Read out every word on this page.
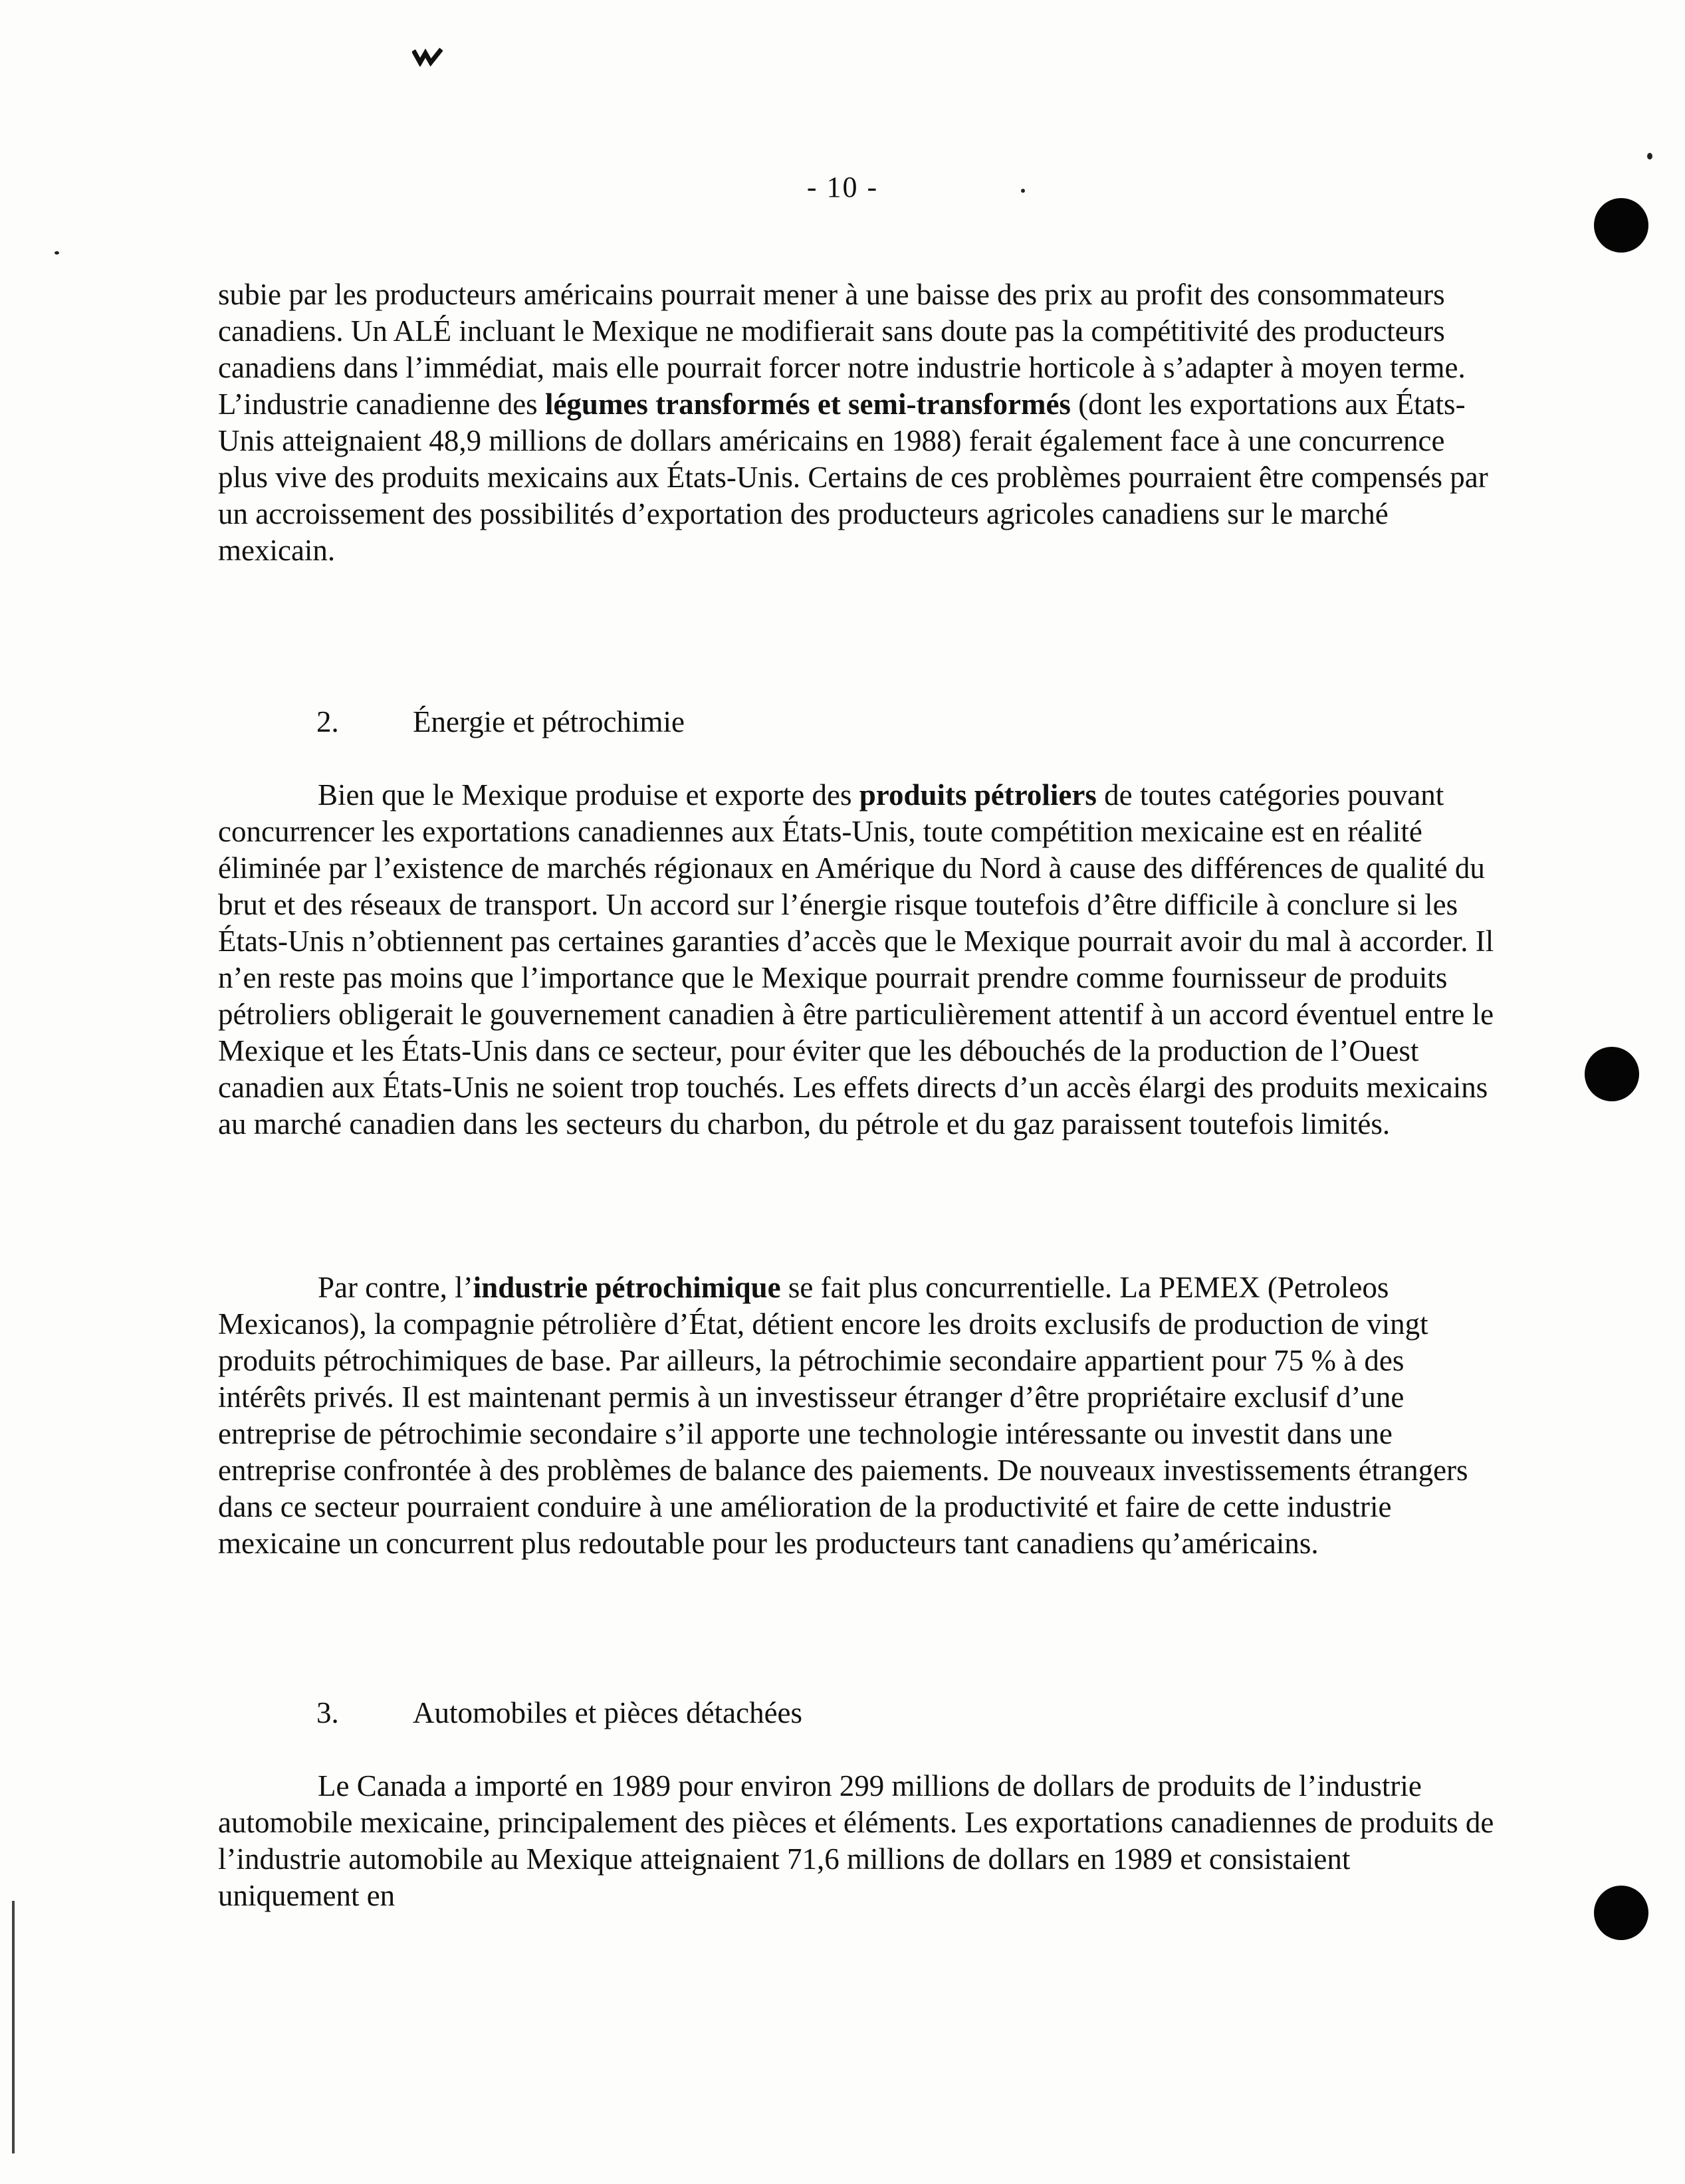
- 10 -

subie par les producteurs américains pourrait mener à une baisse des prix au profit des consommateurs canadiens. Un ALÉ incluant le Mexique ne modifierait sans doute pas la compétitivité des producteurs canadiens dans l’immédiat, mais elle pourrait forcer notre industrie horticole à s’adapter à moyen terme. L’industrie canadienne des légumes transformés et semi-transformés (dont les exportations aux États-Unis atteignaient 48,9 millions de dollars américains en 1988) ferait également face à une concurrence plus vive des produits mexicains aux États-Unis. Certains de ces problèmes pourraient être compensés par un accroissement des possibilités d’exportation des producteurs agricoles canadiens sur le marché mexicain.

2. Énergie et pétrochimie

Bien que le Mexique produise et exporte des produits pétroliers de toutes catégories pouvant concurrencer les exportations canadiennes aux États-Unis, toute compétition mexicaine est en réalité éliminée par l’existence de marchés régionaux en Amérique du Nord à cause des différences de qualité du brut et des réseaux de transport. Un accord sur l’énergie risque toutefois d’être difficile à conclure si les États-Unis n’obtiennent pas certaines garanties d’accès que le Mexique pourrait avoir du mal à accorder. Il n’en reste pas moins que l’importance que le Mexique pourrait prendre comme fournisseur de produits pétroliers obligerait le gouvernement canadien à être particulièrement attentif à un accord éventuel entre le Mexique et les États-Unis dans ce secteur, pour éviter que les débouchés de la production de l’Ouest canadien aux États-Unis ne soient trop touchés. Les effets directs d’un accès élargi des produits mexicains au marché canadien dans les secteurs du charbon, du pétrole et du gaz paraissent toutefois limités.

Par contre, l’industrie pétrochimique se fait plus concurrentielle. La PEMEX (Petroleos Mexicanos), la compagnie pétrolière d’État, détient encore les droits exclusifs de production de vingt produits pétrochimiques de base. Par ailleurs, la pétrochimie secondaire appartient pour 75 % à des intérêts privés. Il est maintenant permis à un investisseur étranger d’être propriétaire exclusif d’une entreprise de pétrochimie secondaire s’il apporte une technologie intéressante ou investit dans une entreprise confrontée à des problèmes de balance des paiements. De nouveaux investissements étrangers dans ce secteur pourraient conduire à une amélioration de la productivité et faire de cette industrie mexicaine un concurrent plus redoutable pour les producteurs tant canadiens qu’américains.

3. Automobiles et pièces détachées

Le Canada a importé en 1989 pour environ 299 millions de dollars de produits de l’industrie automobile mexicaine, principalement des pièces et éléments. Les exportations canadiennes de produits de l’industrie automobile au Mexique atteignaient 71,6 millions de dollars en 1989 et consistaient uniquement en
